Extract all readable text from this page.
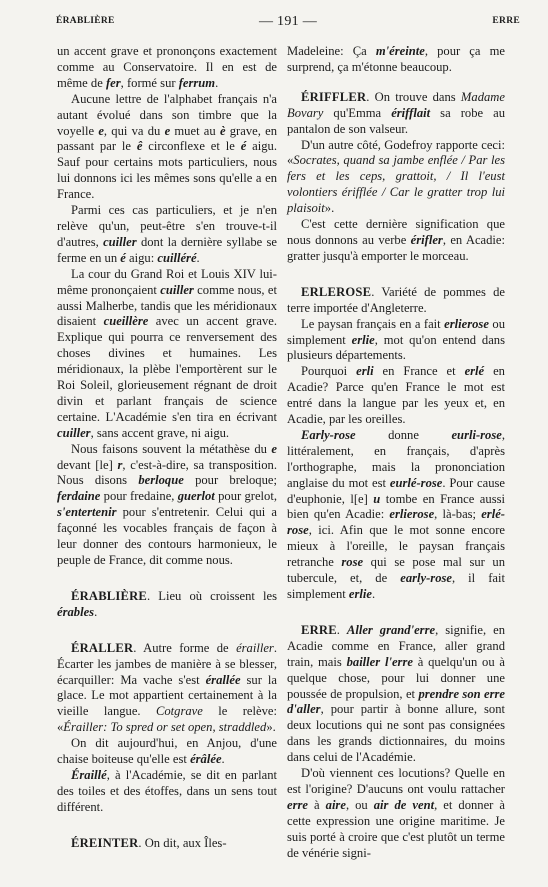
ÉRABLIÈRE	— 191 —	ERRE

un accent grave et prononçons exactement comme au Conservatoire. Il en est de même de fer, formé sur ferrum.

Aucune lettre de l'alphabet français n'a autant évolué dans son timbre que la voyelle e, qui va du e muet au è grave, en passant par le ê circonflexe et le é aigu. Sauf pour certains mots particuliers, nous lui donnons ici les mêmes sons qu'elle a en France.

Parmi ces cas particuliers, et je n'en relève qu'un, peut-être s'en trouve-t-il d'autres, cuiller dont la dernière syllabe se ferme en un é aigu: cuilléré.

La cour du Grand Roi et Louis XIV lui-même prononçaient cuiller comme nous, et aussi Malherbe, tandis que les méridionaux disaient cueillère avec un accent grave. Explique qui pourra ce renversement des choses divines et humaines. Les méridionaux, la plèbe l'emportèrent sur le Roi Soleil, glorieusement régnant de droit divin et parlant français de science certaine. L'Académie s'en tira en écrivant cuiller, sans accent grave, ni aigu.

Nous faisons souvent la métathèse du e devant [le] r, c'est-à-dire, sa transposition. Nous disons berloque pour breloque; ferdaine pour fredaine, guerlot pour grelot, s'entertenir pour s'entretenir. Celui qui a façonné les vocables français de façon à leur donner des contours harmonieux, le peuple de France, dit comme nous.

ÉRABLIÈRE. Lieu où croissent les érables.

ÉRALLER. Autre forme de érailler. Écarter les jambes de manière à se blesser, écarquiller: Ma vache s'est érallée sur la glace. Le mot appartient certainement à la vieille langue. Cotgrave le relève: «Érailler: To spred or set open, straddled».

On dit aujourd'hui, en Anjou, d'une chaise boiteuse qu'elle est érâlée.

Éraillé, à l'Académie, se dit en parlant des toiles et des étoffes, dans un sens tout différent.

ÉREINTER. On dit, aux Îles-

Madeleine: Ça m'éreinte, pour ça me surprend, ça m'étonne beaucoup.

ÉRIFFLER. On trouve dans Madame Bovary qu'Emma érifflait sa robe au pantalon de son valseur.

D'un autre côté, Godefroy rapporte ceci: «Socrates, quand sa jambe enflée / Par les fers et les ceps, grattoit, / Il l'eust volontiers érifflée / Car le gratter trop lui plaisoit».

C'est cette dernière signification que nous donnons au verbe érifler, en Acadie: gratter jusqu'à emporter le morceau.

ERLEROSE. Variété de pommes de terre importée d'Angleterre.

Le paysan français en a fait erlierose ou simplement erlie, mot qu'on entend dans plusieurs départements.

Pourquoi erli en France et erlé en Acadie? Parce qu'en France le mot est entré dans la langue par les yeux et, en Acadie, par les oreilles.

Early-rose donne eurli-rose, littéralement, en français, d'après l'orthographe, mais la prononciation anglaise du mot est eurlé-rose. Pour cause d'euphonie, l[e] u tombe en France aussi bien qu'en Acadie: erlierose, là-bas; erlé-rose, ici. Afin que le mot sonne encore mieux à l'oreille, le paysan français retranche rose qui se pose mal sur un tubercule, et, de early-rose, il fait simplement erlie.

ERRE. Aller grand'erre, signifie, en Acadie comme en France, aller grand train, mais bailler l'erre à quelqu'un ou à quelque chose, pour lui donner une poussée de propulsion, et prendre son erre d'aller, pour partir à bonne allure, sont deux locutions qui ne sont pas consignées dans les grands dictionnaires, du moins dans celui de l'Académie.

D'où viennent ces locutions? Quelle en est l'origine? D'aucuns ont voulu rattacher erre à aire, ou air de vent, et donner à cette expression une origine maritime. Je suis porté à croire que c'est plutôt un terme de vénérie signi-
